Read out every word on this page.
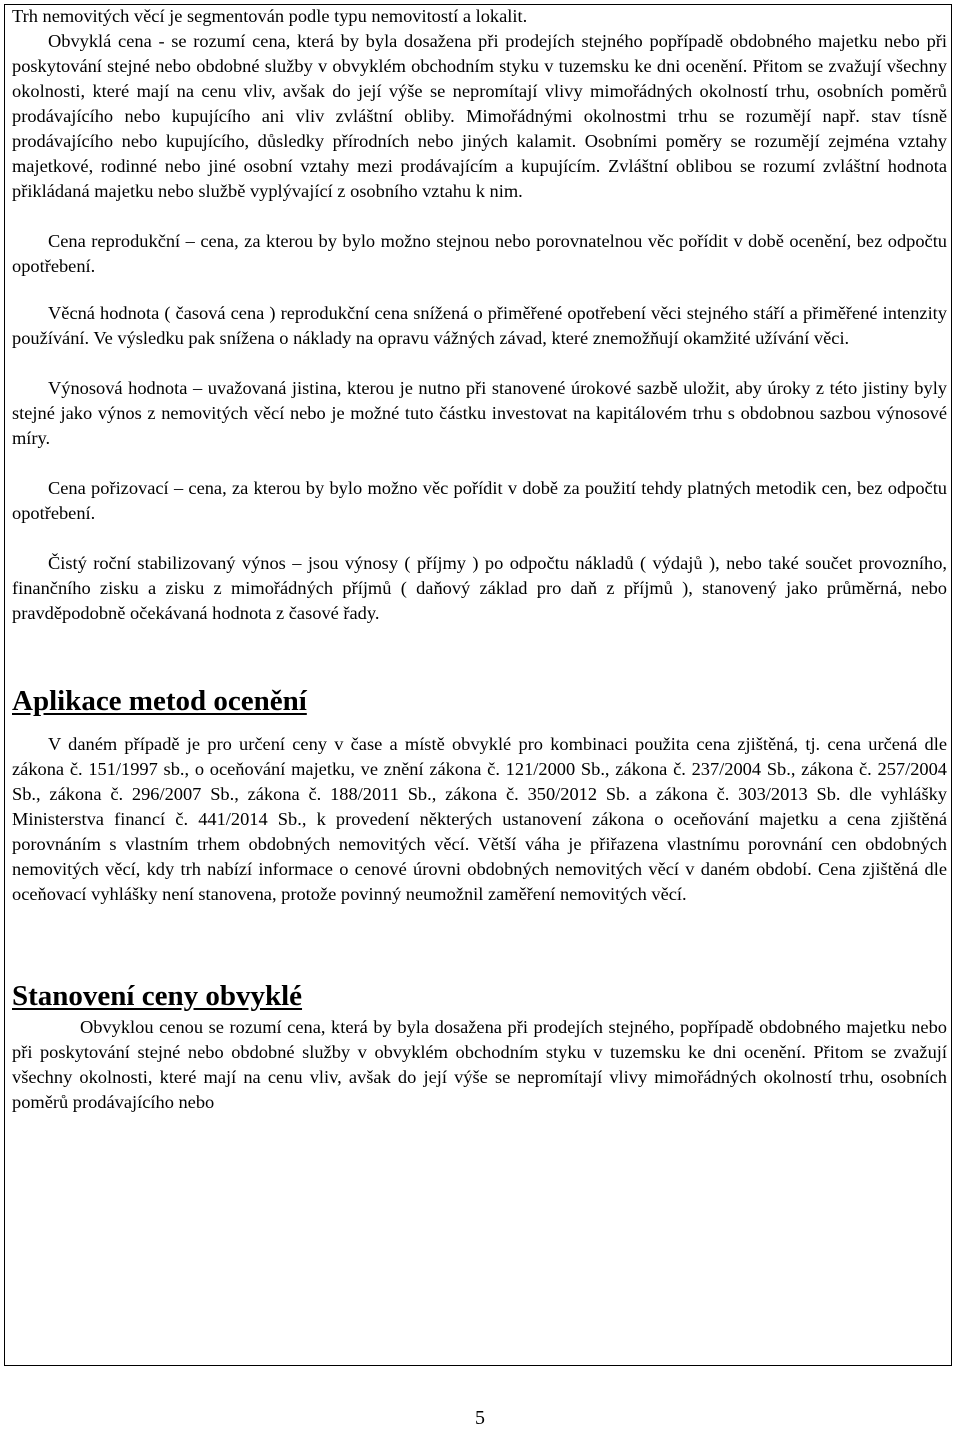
Trh nemovitých věcí je segmentován podle typu nemovitostí a lokalit.

Obvyklá cena - se rozumí cena, která by byla dosažena při prodejích stejného popřípadě obdobného majetku nebo při poskytování stejné nebo obdobné služby v obvyklém obchodním styku v tuzemsku ke dni ocenění. Přitom se zvažují všechny okolnosti, které mají na cenu vliv, avšak do její výše se nepromítají vlivy mimořádných okolností trhu, osobních poměrů prodávajícího nebo kupujícího ani vliv zvláštní obliby. Mimořádnými okolnostmi trhu se rozumějí např. stav tísně prodávajícího nebo kupujícího, důsledky přírodních nebo jiných kalamit. Osobními poměry se rozumějí zejména vztahy majetkové, rodinné nebo jiné osobní vztahy mezi prodávajícím a kupujícím. Zvláštní oblibou se rozumí zvláštní hodnota přikládaná majetku nebo službě vyplývající z osobního vztahu k nim.

Cena reprodukční – cena, za kterou by bylo možno stejnou nebo porovnatelnou věc pořídit v době ocenění, bez odpočtu opotřebení.

Věcná hodnota ( časová cena ) reprodukční cena snížená o přiměřené opotřebení věci stejného stáří a přiměřené intenzity používání. Ve výsledku pak snížena o náklady na opravu vážných závad, které znemožňují okamžité užívání věci.

Výnosová hodnota – uvažovaná jistina, kterou je nutno při stanovené úrokové sazbě uložit, aby úroky z této jistiny byly stejné jako výnos z nemovitých věcí nebo je možné tuto částku investovat na kapitálovém trhu s obdobnou sazbou výnosové míry.

Cena pořizovací – cena, za kterou by bylo možno věc pořídit v době za použití tehdy platných metodik cen, bez odpočtu opotřebení.

Čistý roční stabilizovaný výnos – jsou výnosy ( příjmy ) po odpočtu nákladů ( výdajů ), nebo také součet provozního, finančního zisku a zisku z mimořádných příjmů ( daňový základ pro daň z příjmů ), stanovený jako průměrná, nebo pravděpodobně očekávaná hodnota z časové řady.

Aplikace metod ocenění

V daném případě je pro určení ceny v čase a místě obvyklé pro kombinaci použita cena zjištěná, tj. cena určená dle zákona č. 151/1997 sb., o oceňování majetku, ve znění zákona č. 121/2000 Sb., zákona č. 237/2004 Sb., zákona č. 257/2004 Sb., zákona č. 296/2007 Sb., zákona č. 188/2011 Sb., zákona č. 350/2012 Sb. a zákona č. 303/2013 Sb. dle vyhlášky Ministerstva financí č. 441/2014 Sb., k provedení některých ustanovení zákona o oceňování majetku a cena zjištěná porovnáním s vlastním trhem obdobných nemovitých věcí. Větší váha je přiřazena vlastnímu porovnání cen obdobných nemovitých věcí, kdy trh nabízí informace o cenové úrovni obdobných nemovitých věcí v daném období. Cena zjištěná dle oceňovací vyhlášky není stanovena, protože povinný neumožnil zaměření nemovitých věcí.

Stanovení ceny obvyklé

Obvyklou cenou se rozumí cena, která by byla dosažena při prodejích stejného, popřípadě obdobného majetku nebo při poskytování stejné nebo obdobné služby v obvyklém obchodním styku v tuzemsku ke dni ocenění. Přitom se zvažují všechny okolnosti, které mají na cenu vliv, avšak do její výše se nepromítají vlivy mimořádných okolností trhu, osobních poměrů prodávajícího nebo

5
